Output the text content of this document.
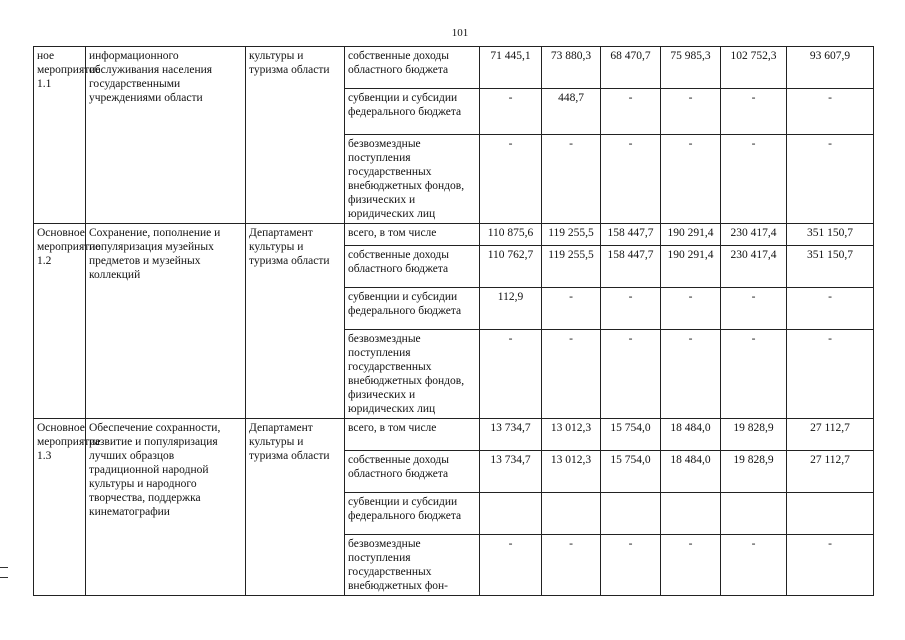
101
ное мероприятие 1.1	информационного обслуживания населения государственными учреждениями области	культуры и туризма области	собственные доходы областного бюджета	71 445,1	73 880,3	68 470,7	75 985,3	102 752,3	93 607,9
			субвенции и субсидии федерального бюджета	-	448,7	-	-	-	-
			безвозмездные поступления государственных внебюджетных фондов, физических и юридических лиц	-	-	-	-	-	-
Основное мероприятие 1.2	Сохранение, пополнение и популяризация музейных предметов и музейных коллекций	Департамент культуры и туризма области	всего, в том числе	110 875,6	119 255,5	158 447,7	190 291,4	230 417,4	351 150,7
			собственные доходы областного бюджета	110 762,7	119 255,5	158 447,7	190 291,4	230 417,4	351 150,7
			субвенции и субсидии федерального бюджета	112,9	-	-	-	-	-
			безвозмездные поступления государственных внебюджетных фондов, физических и юридических лиц	-	-	-	-	-	-
Основное мероприятие 1.3	Обеспечение сохранности, развитие и популяризация лучших образцов традиционной народной культуры и народного творчества, поддержка кинематографии	Департамент культуры и туризма области	всего, в том числе	13 734,7	13 012,3	15 754,0	18 484,0	19 828,9	27 112,7
			собственные доходы областного бюджета	13 734,7	13 012,3	15 754,0	18 484,0	19 828,9	27 112,7
			субвенции и субсидии федерального бюджета						
			безвозмездные поступления государственных внебюджетных фон-	-	-	-	-	-	-
